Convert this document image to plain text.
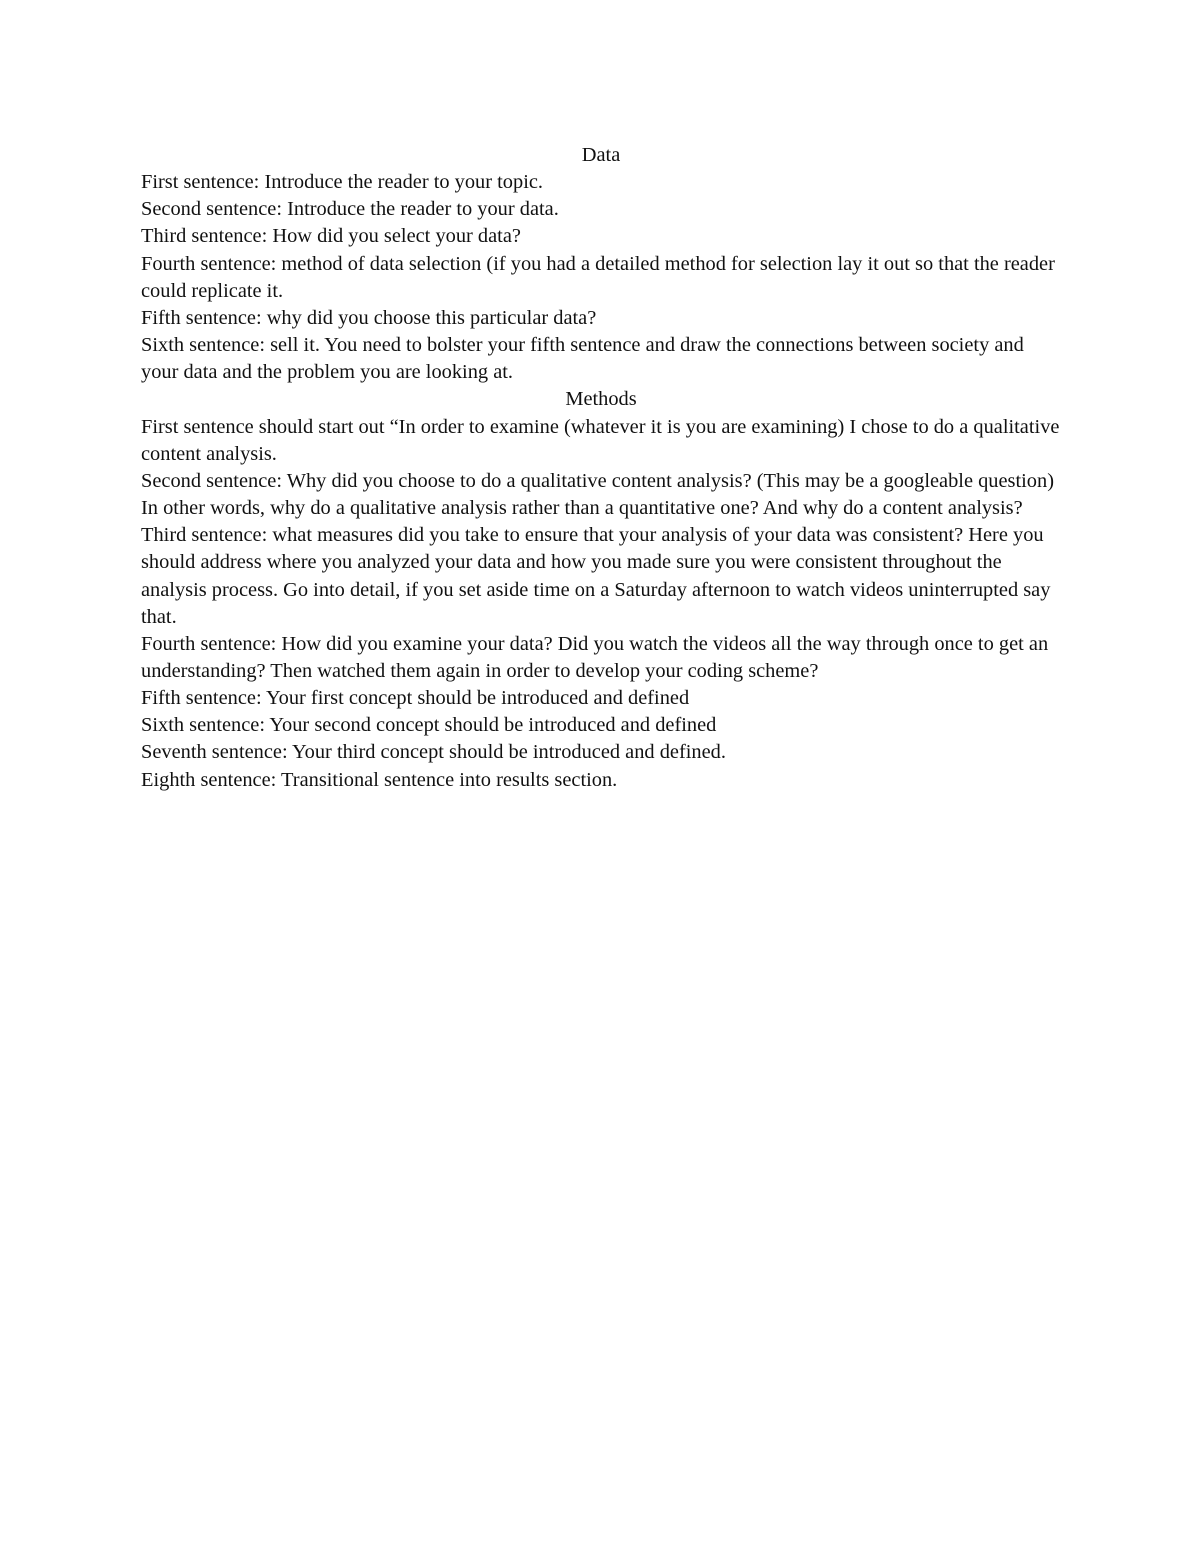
Data

First sentence: Introduce the reader to your topic.

Second sentence: Introduce the reader to your data.

Third sentence: How did you select your data?

Fourth sentence: method of data selection (if you had a detailed method for selection lay it out so that the reader could replicate it.

Fifth sentence: why did you choose this particular data?

Sixth sentence: sell it. You need to bolster your fifth sentence and draw the connections between society and your data and the problem you are looking at.

Methods

First sentence should start out “In order to examine (whatever it is you are examining) I chose to do a qualitative content analysis.

Second sentence: Why did you choose to do a qualitative content analysis? (This may be a googleable question) In other words, why do a qualitative analysis rather than a quantitative one? And why do a content analysis?

Third sentence: what measures did you take to ensure that your analysis of your data was consistent? Here you should address where you analyzed your data and how you made sure you were consistent throughout the analysis process. Go into detail, if you set aside time on a Saturday afternoon to watch videos uninterrupted say that.

Fourth sentence: How did you examine your data? Did you watch the videos all the way through once to get an understanding? Then watched them again in order to develop your coding scheme?

Fifth sentence: Your first concept should be introduced and defined

Sixth sentence: Your second concept should be introduced and defined

Seventh sentence: Your third concept should be introduced and defined.

Eighth sentence: Transitional sentence into results section.
